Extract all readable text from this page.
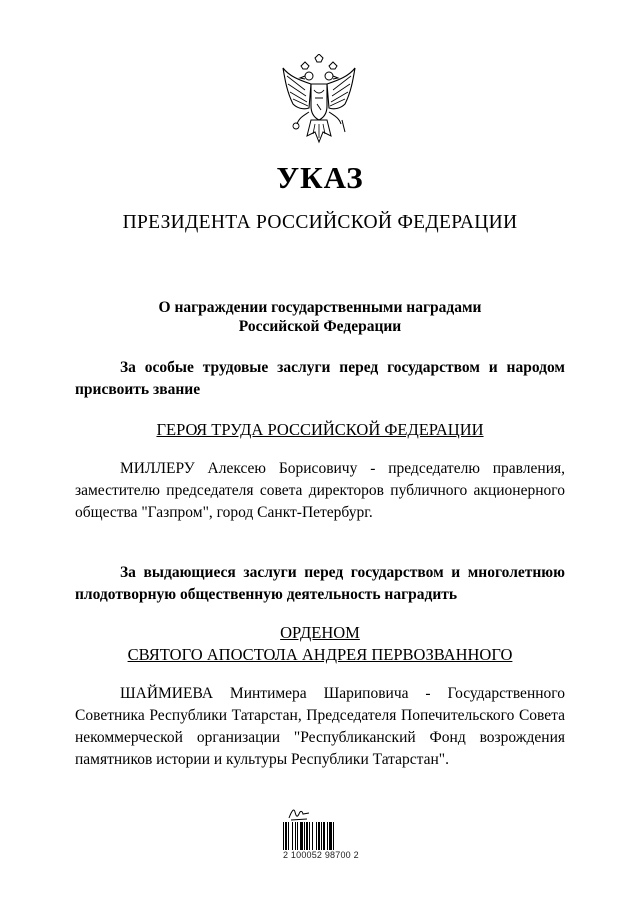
УКАЗ
ПРЕЗИДЕНТА РОССИЙСКОЙ ФЕДЕРАЦИИ
О награждении государственными наградами
Российской Федерации
За особые трудовые заслуги перед государством и народом присвоить звание
ГЕРОЯ ТРУДА РОССИЙСКОЙ ФЕДЕРАЦИИ
МИЛЛЕРУ Алексею Борисовичу - председателю правления, заместителю председателя совета директоров публичного акционерного общества "Газпром", город Санкт-Петербург.
За выдающиеся заслуги перед государством и многолетнюю плодотворную общественную деятельность наградить
ОРДЕНОМ
СВЯТОГО АПОСТОЛА АНДРЕЯ ПЕРВОЗВАННОГО
ШАЙМИЕВА Минтимера Шариповича - Государственного Советника Республики Татарстан, Председателя Попечительского Совета некоммерческой организации "Республиканский Фонд возрождения памятников истории и культуры Республики Татарстан".
2 100052 98700 2
